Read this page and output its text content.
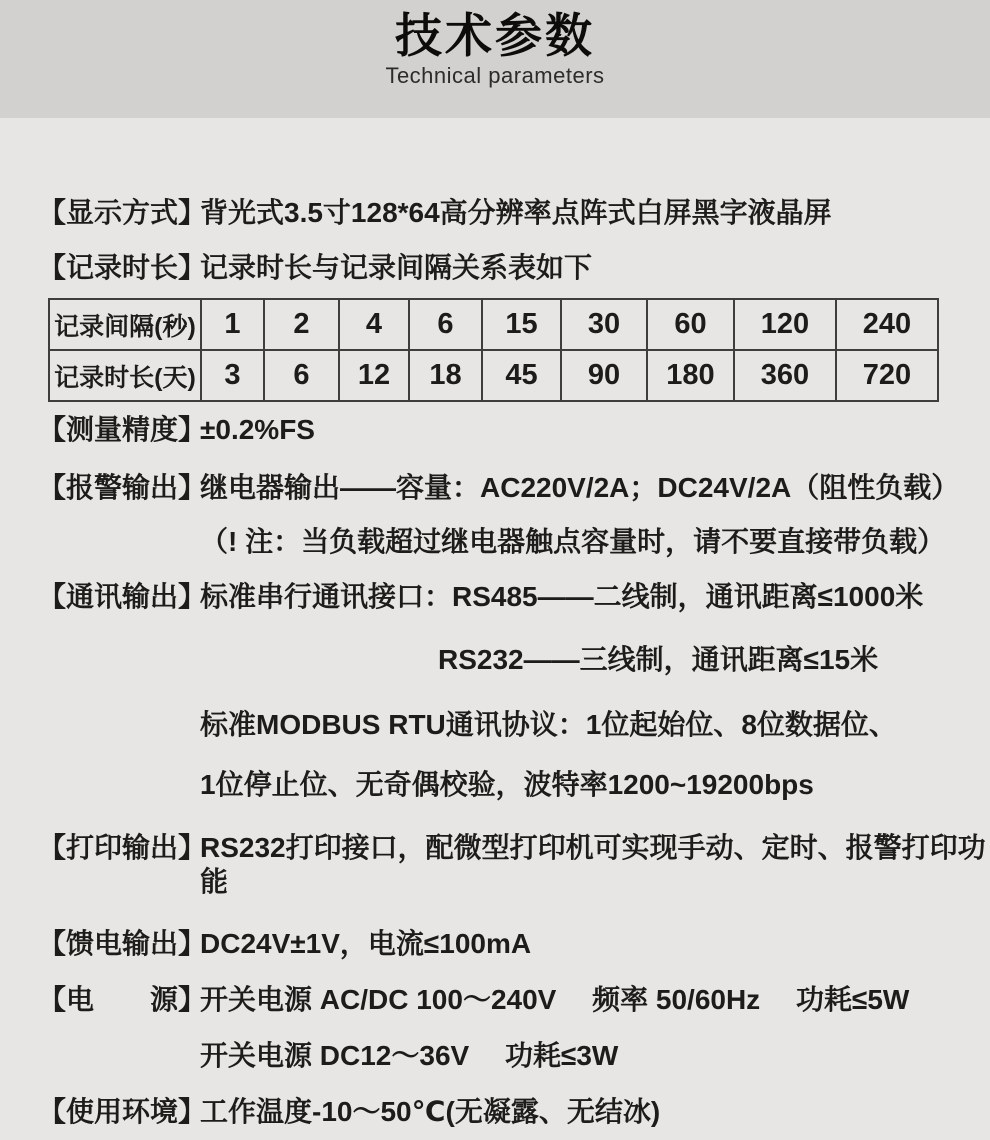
技术参数
Technical parameters
【显示方式】
背光式3.5寸128*64高分辨率点阵式白屏黑字液晶屏
【记录时长】
记录时长与记录间隔关系表如下
记录间隔(秒)	1	2	4	6	15	30	60	120	240
记录时长(天)	3	6	12	18	45	90	180	360	720
【测量精度】
±0.2%FS
【报警输出】
继电器输出——容量：AC220V/2A；DC24V/2A（阻性负载）
（! 注：当负载超过继电器触点容量时，请不要直接带负载）
【通讯输出】
标准串行通讯接口：RS485——二线制，通讯距离≤1000米
RS232——三线制，通讯距离≤15米
标准MODBUS RTU通讯协议：1位起始位、8位数据位、
1位停止位、无奇偶校验，波特率1200~19200bps
【打印输出】
RS232打印接口，配微型打印机可实现手动、定时、报警打印功能
【馈电输出】
DC24V±1V，电流≤100mA
【电　　源】
开关电源 AC/DC 100～240V　 频率 50/60Hz　 功耗≤5W
开关电源 DC12～36V　 功耗≤3W
【使用环境】
工作温度-10～50℃(无凝露、无结冰)
